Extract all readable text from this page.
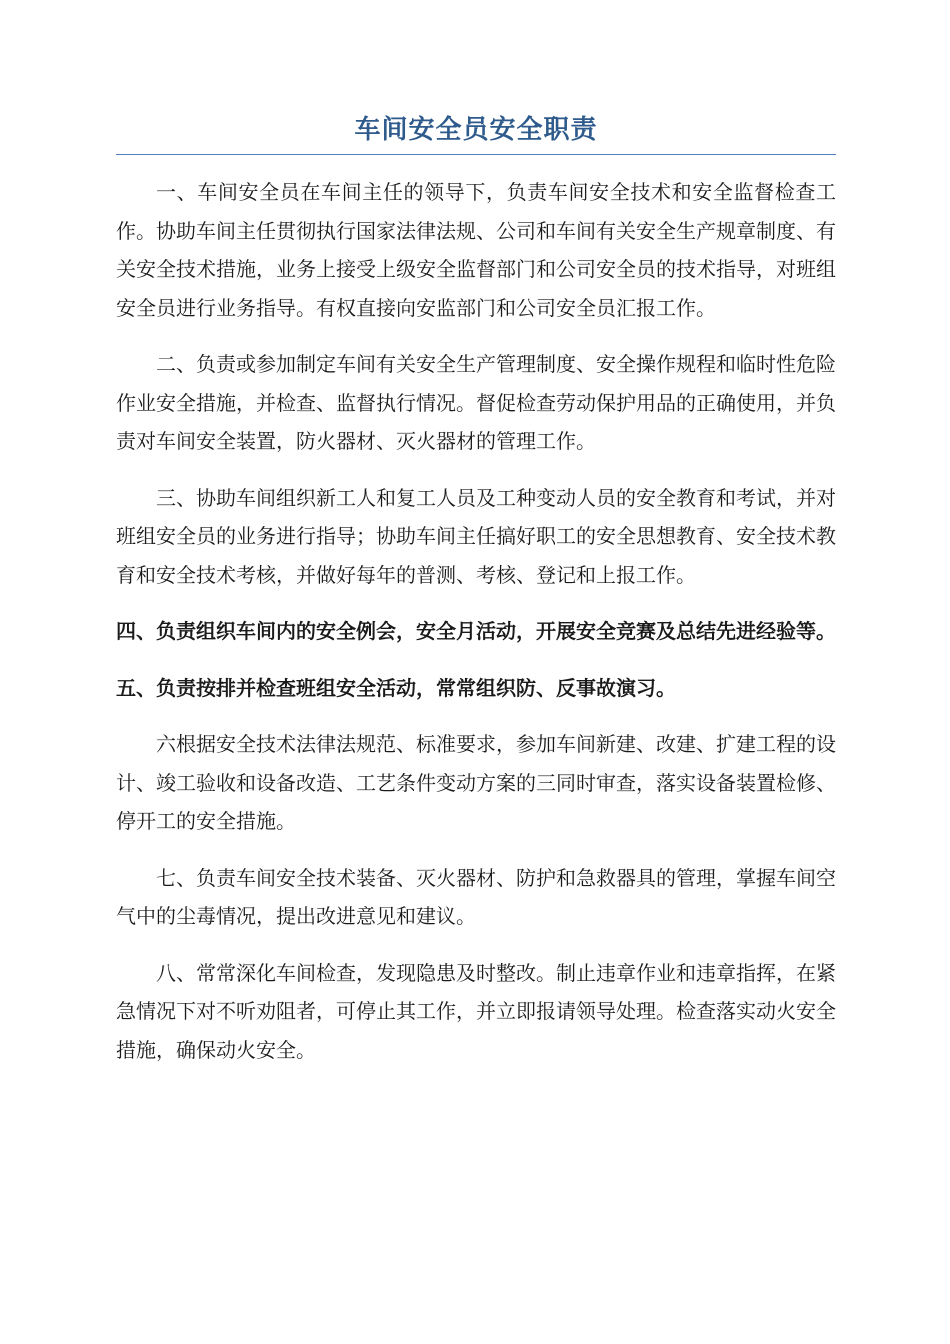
车间安全员安全职责

一、车间安全员在车间主任的领导下，负责车间安全技术和安全监督检查工作。协助车间主任贯彻执行国家法律法规、公司和车间有关安全生产规章制度、有关安全技术措施，业务上接受上级安全监督部门和公司安全员的技术指导，对班组安全员进行业务指导。有权直接向安监部门和公司安全员汇报工作。

二、负责或参加制定车间有关安全生产管理制度、安全操作规程和临时性危险作业安全措施，并检查、监督执行情况。督促检查劳动保护用品的正确使用，并负责对车间安全装置，防火器材、灭火器材的管理工作。

三、协助车间组织新工人和复工人员及工种变动人员的安全教育和考试，并对班组安全员的业务进行指导；协助车间主任搞好职工的安全思想教育、安全技术教育和安全技术考核，并做好每年的普测、考核、登记和上报工作。

四、负责组织车间内的安全例会，安全月活动，开展安全竞赛及总结先进经验等。

五、负责按排并检查班组安全活动，常常组织防、反事故演习。

六根据安全技术法律法规范、标准要求，参加车间新建、改建、扩建工程的设计、竣工验收和设备改造、工艺条件变动方案的三同时审查，落实设备装置检修、停开工的安全措施。

七、负责车间安全技术装备、灭火器材、防护和急救器具的管理，掌握车间空气中的尘毒情况，提出改进意见和建议。

八、常常深化车间检查，发现隐患及时整改。制止违章作业和违章指挥，在紧急情况下对不听劝阻者，可停止其工作，并立即报请领导处理。检查落实动火安全措施，确保动火安全。
